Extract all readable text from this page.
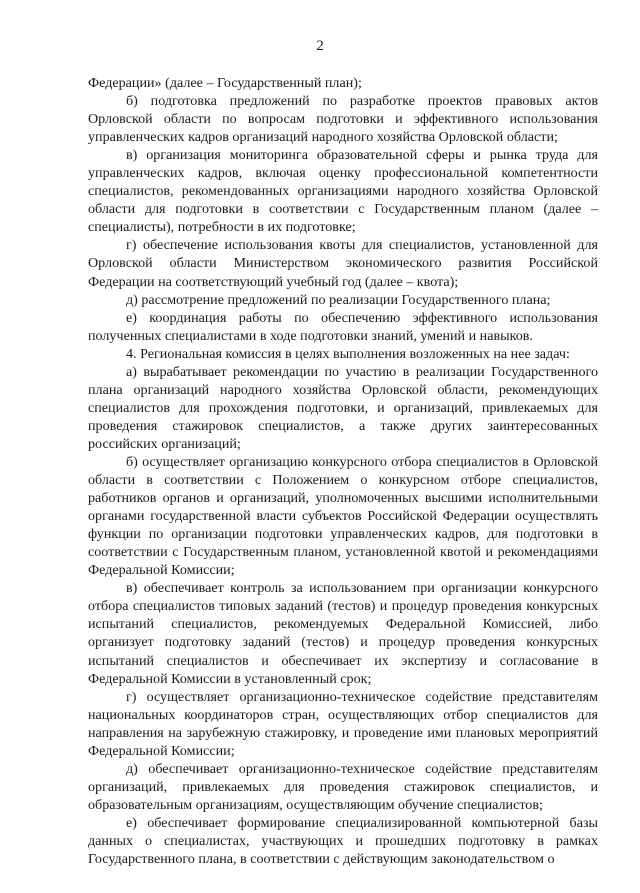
2

Федерации» (далее – Государственный план);

б) подготовка предложений по разработке проектов правовых актов Орловской области по вопросам подготовки и эффективного использования управленческих кадров организаций народного хозяйства Орловской области;

в) организация мониторинга образовательной сферы и рынка труда для управленческих кадров, включая оценку профессиональной компетентности специалистов, рекомендованных организациями народного хозяйства Орловской области для подготовки в соответствии с Государственным планом (далее – специалисты), потребности в их подготовке;

г) обеспечение использования квоты для специалистов, установленной для Орловской области Министерством экономического развития Российской Федерации на соответствующий учебный год (далее – квота);

д) рассмотрение предложений по реализации Государственного плана;

е) координация работы по обеспечению эффективного использования полученных специалистами в ходе подготовки знаний, умений и навыков.

4. Региональная комиссия в целях выполнения возложенных на нее задач:

а) вырабатывает рекомендации по участию в реализации Государственного плана организаций народного хозяйства Орловской области, рекомендующих специалистов для прохождения подготовки, и организаций, привлекаемых для проведения стажировок специалистов, а также других заинтересованных российских организаций;

б) осуществляет организацию конкурсного отбора специалистов в Орловской области в соответствии с Положением о конкурсном отборе специалистов, работников органов и организаций, уполномоченных высшими исполнительными органами государственной власти субъектов Российской Федерации осуществлять функции по организации подготовки управленческих кадров, для подготовки в соответствии с Государственным планом, установленной квотой и рекомендациями Федеральной Комиссии;

в) обеспечивает контроль за использованием при организации конкурсного отбора специалистов типовых заданий (тестов) и процедур проведения конкурсных испытаний специалистов, рекомендуемых Федеральной Комиссией, либо организует подготовку заданий (тестов) и процедур проведения конкурсных испытаний специалистов и обеспечивает их экспертизу и согласование в Федеральной Комиссии в установленный срок;

г) осуществляет организационно-техническое содействие представителям национальных координаторов стран, осуществляющих отбор специалистов для направления на зарубежную стажировку, и проведение ими плановых мероприятий Федеральной Комиссии;

д) обеспечивает организационно-техническое содействие представителям организаций, привлекаемых для проведения стажировок специалистов, и образовательным организациям, осуществляющим обучение специалистов;

е) обеспечивает формирование специализированной компьютерной базы данных о специалистах, участвующих и прошедших подготовку в рамках Государственного плана, в соответствии с действующим законодательством о
